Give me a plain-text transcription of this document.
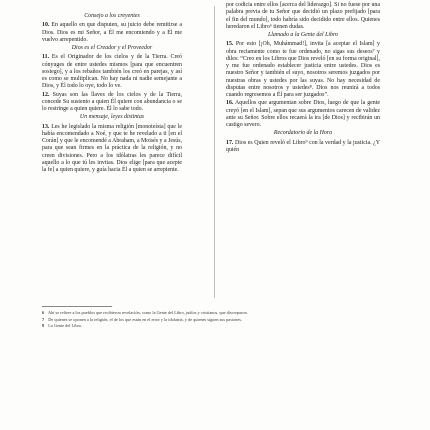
Consejo a los creyentes

10. En aquello en que disputen, su juicio debe remitirse a Dios. Dios es mi Señor, a Él me encomiendo y a Él me vuelvo arrepentido.

Dios es el Creador y el Proveedor

11. Es el Originador de los cielos y de la Tierra. Creó cónyuges de entre ustedes mismos [para que encuentren sosiego], y a los rebaños también los creó en parejas, y así es como se multiplican. No hay nada ni nadie semejante a Dios, y Él todo lo oye, todo lo ve.

12. Suyas son las llaves de los cielos y de la Tierra, concede Su sustento a quien Él quiere con abundancia o se lo restringe a quien quiere. Él lo sabe todo.

Un mensaje, leyes distintas

13. Les he legislado la misma religión [monoteísta] que le había encomendado a Noé, y que te he revelado a ti [en el Corán] y que le encomendé a Abraham, a Moisés y a Jesús, para que sean firmes en la práctica de la religión, y no creen divisiones. Pero a los idólatras les parece difícil aquello a lo que tú les invitas. Dios elige [para que acepte la fe] a quien quiere, y guía hacia Él a quien se arrepiente.

por codicia entre ellos [acerca del liderazgo]. Si no fuese por una palabra previa de tu Señor que decidió un plazo prefijado [para el fin del mundo], todo habría sido decidido entre ellos. Quienes heredaron el Libro⁶ tienen dudas.

Llamado a la Gente del Libro

15. Por esto [¡Oh, Muhámmad!], invita [a aceptar el Islam] y obra rectamente como te fue ordenado, no sigas sus deseos⁷ y diles: “Creo en los Libros que Dios reveló [en su forma original], y me fue ordenado establecer justicia entre ustedes. Dios es nuestro Señor y también el suyo, nosotros seremos juzgados por nuestras obras y ustedes por las suyas. No hay necesidad de disputas entre nosotros y ustedes⁸. Dios nos reunirá a todos cuando regresemos a Él para ser juzgados”.

16. Aquellos que argumentan sobre Dios, luego de que la gente creyó [en el Islam], sepan que sus argumentos carecen de validez ante su Señor. Sobre ellos recaerá la ira [de Dios] y recibirán un castigo severo.

Recordatorio de la Hora

17. Dios es Quien reveló el Libro⁹ con la verdad y la justicia. ¿Y quién

6 Ahí se refiere a los pueblos que recibieron revelación, como la Gente del Libro, judíos y cristianos, que discreparon.

7 De quienes se oponen a la religión, el de los que están en el error y la idolatría, y de quienes siguen sus pasiones.

8 La Gente del Libro.
